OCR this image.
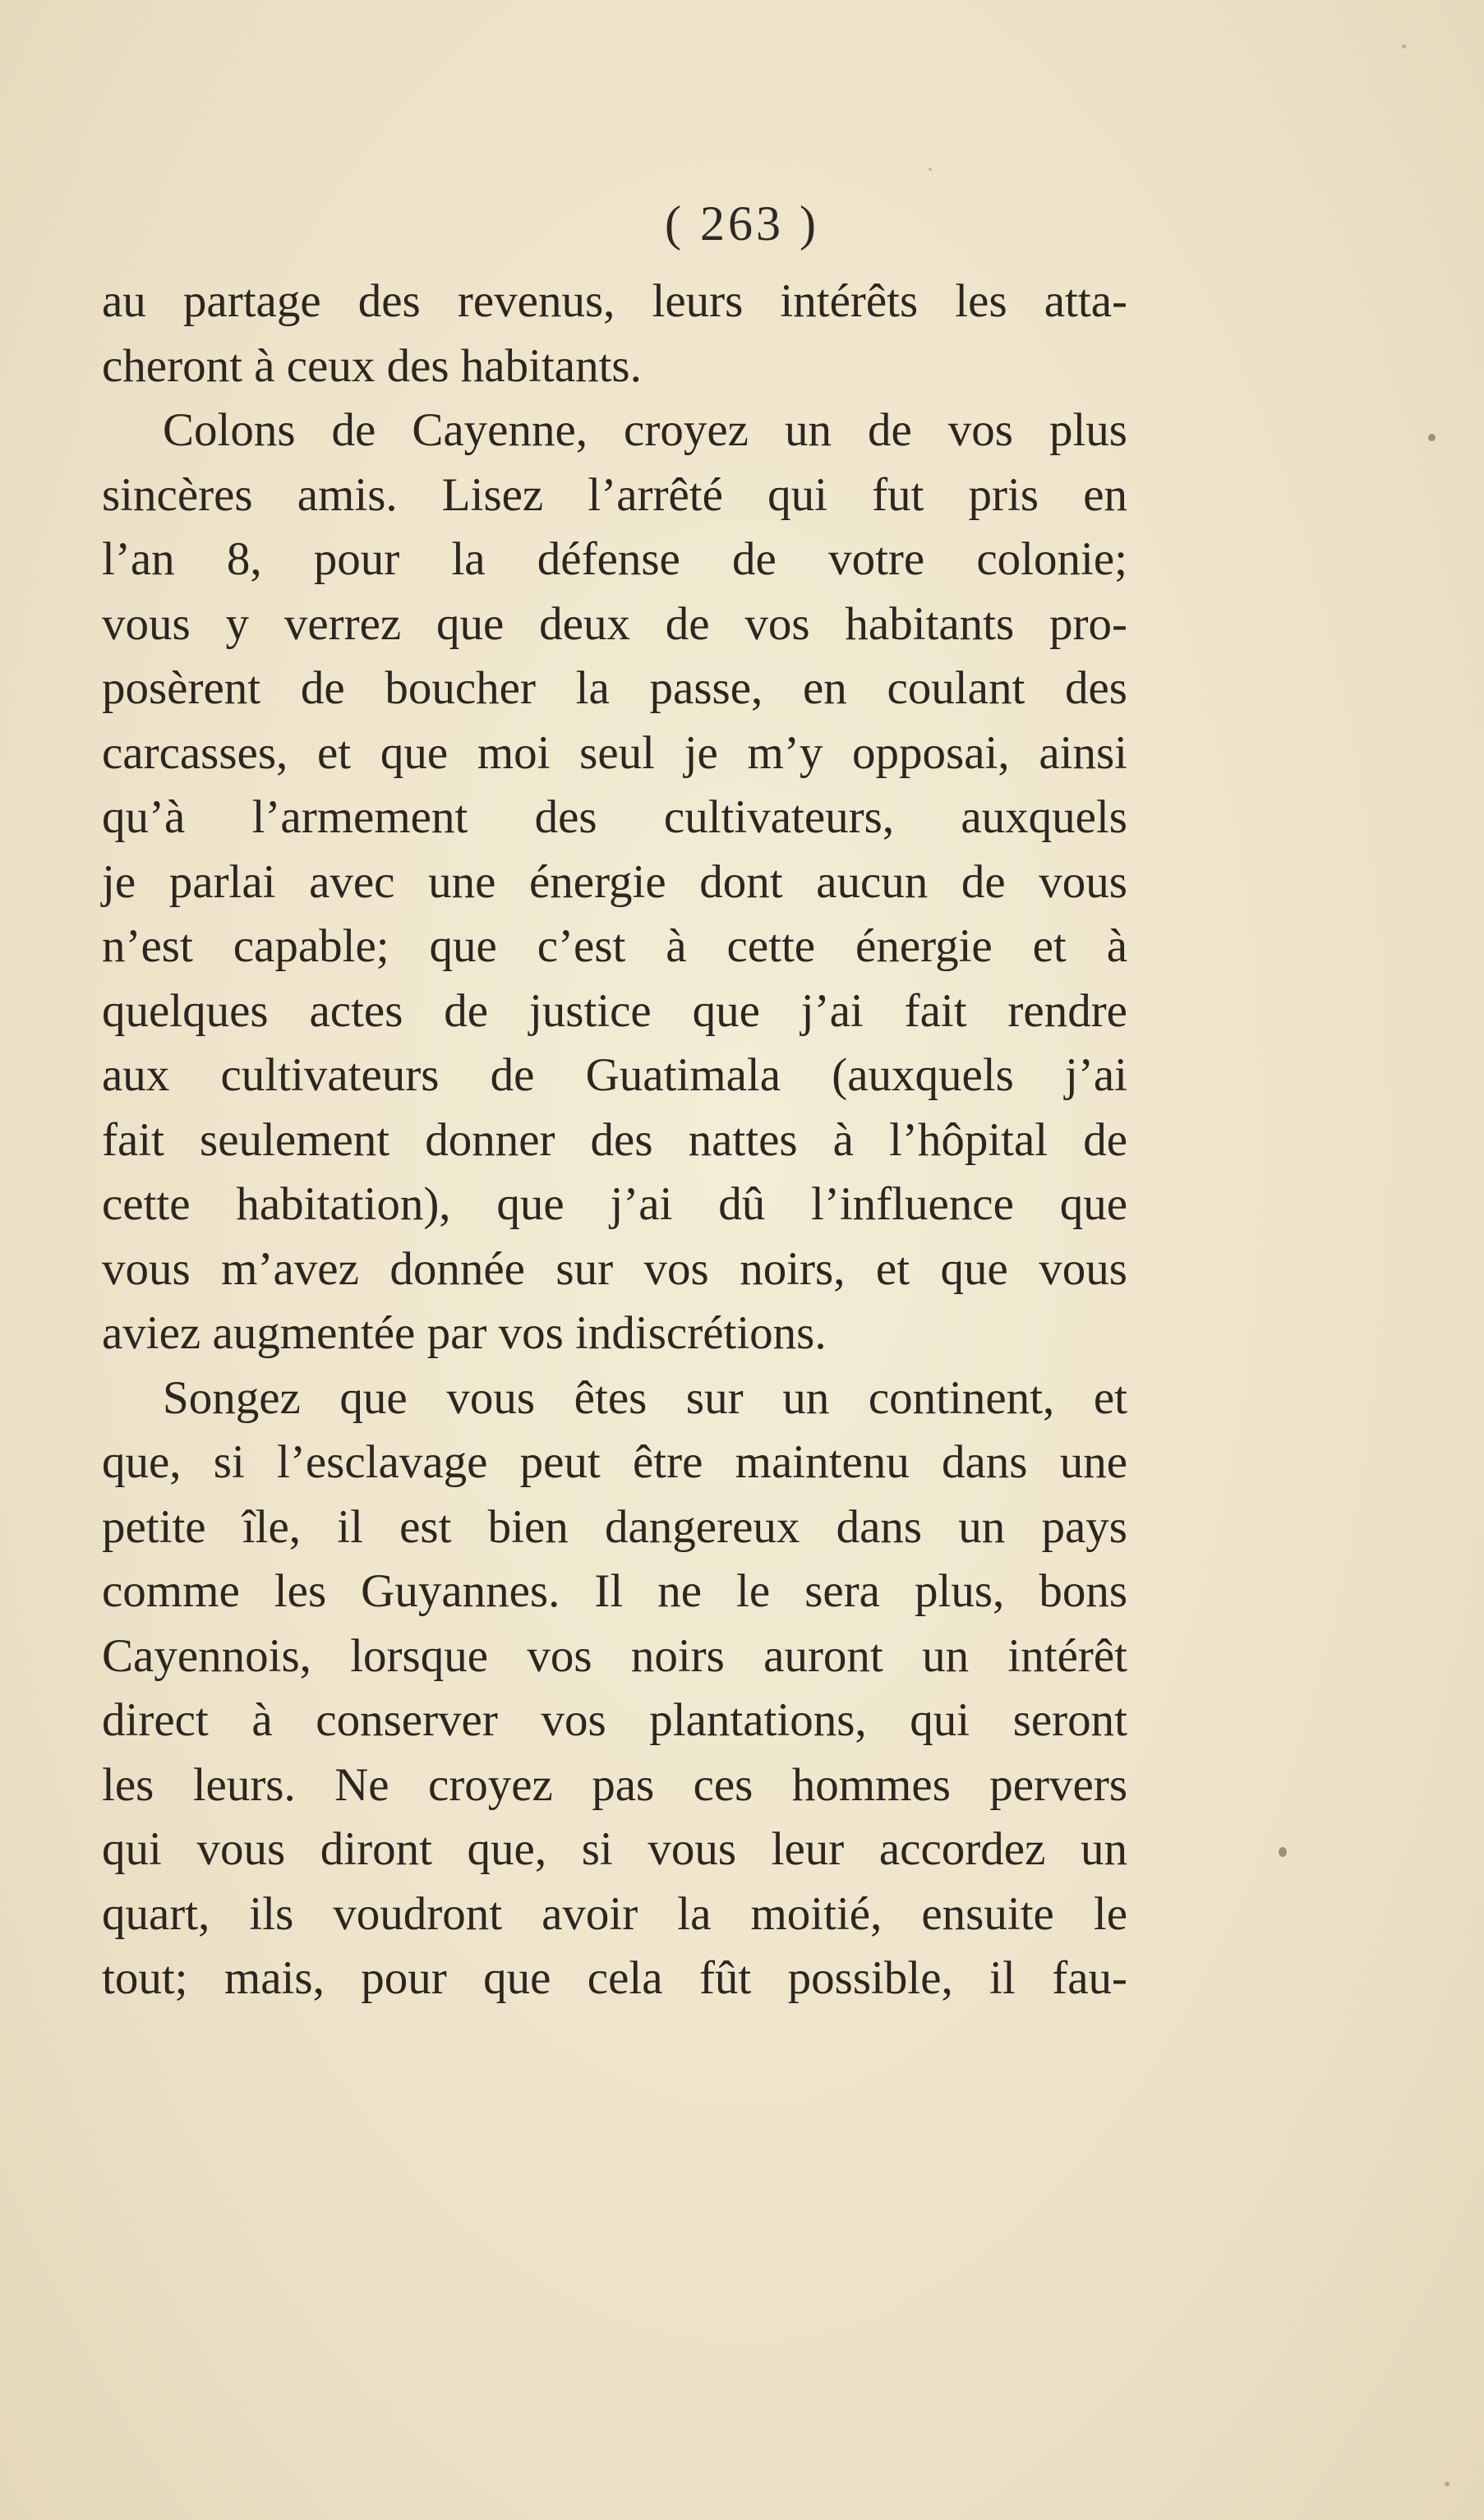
( 263 )
au partage des revenus, leurs intérêts les atta-
cheront à ceux des habitants.
Colons de Cayenne, croyez un de vos plus
sincères amis. Lisez l’arrêté qui fut pris en
l’an 8, pour la défense de votre colonie;
vous y verrez que deux de vos habitants pro-
posèrent de boucher la passe, en coulant des
carcasses, et que moi seul je m’y opposai, ainsi
qu’à l’armement des cultivateurs, auxquels
je parlai avec une énergie dont aucun de vous
n’est capable; que c’est à cette énergie et à
quelques actes de justice que j’ai fait rendre
aux cultivateurs de Guatimala (auxquels j’ai
fait seulement donner des nattes à l’hôpital de
cette habitation), que j’ai dû l’influence que
vous m’avez donnée sur vos noirs, et que vous
aviez augmentée par vos indiscrétions.
Songez que vous êtes sur un continent, et
que, si l’esclavage peut être maintenu dans une
petite île, il est bien dangereux dans un pays
comme les Guyannes. Il ne le sera plus, bons
Cayennois, lorsque vos noirs auront un intérêt
direct à conserver vos plantations, qui seront
les leurs. Ne croyez pas ces hommes pervers
qui vous diront que, si vous leur accordez un
quart, ils voudront avoir la moitié, ensuite le
tout; mais, pour que cela fût possible, il fau-
